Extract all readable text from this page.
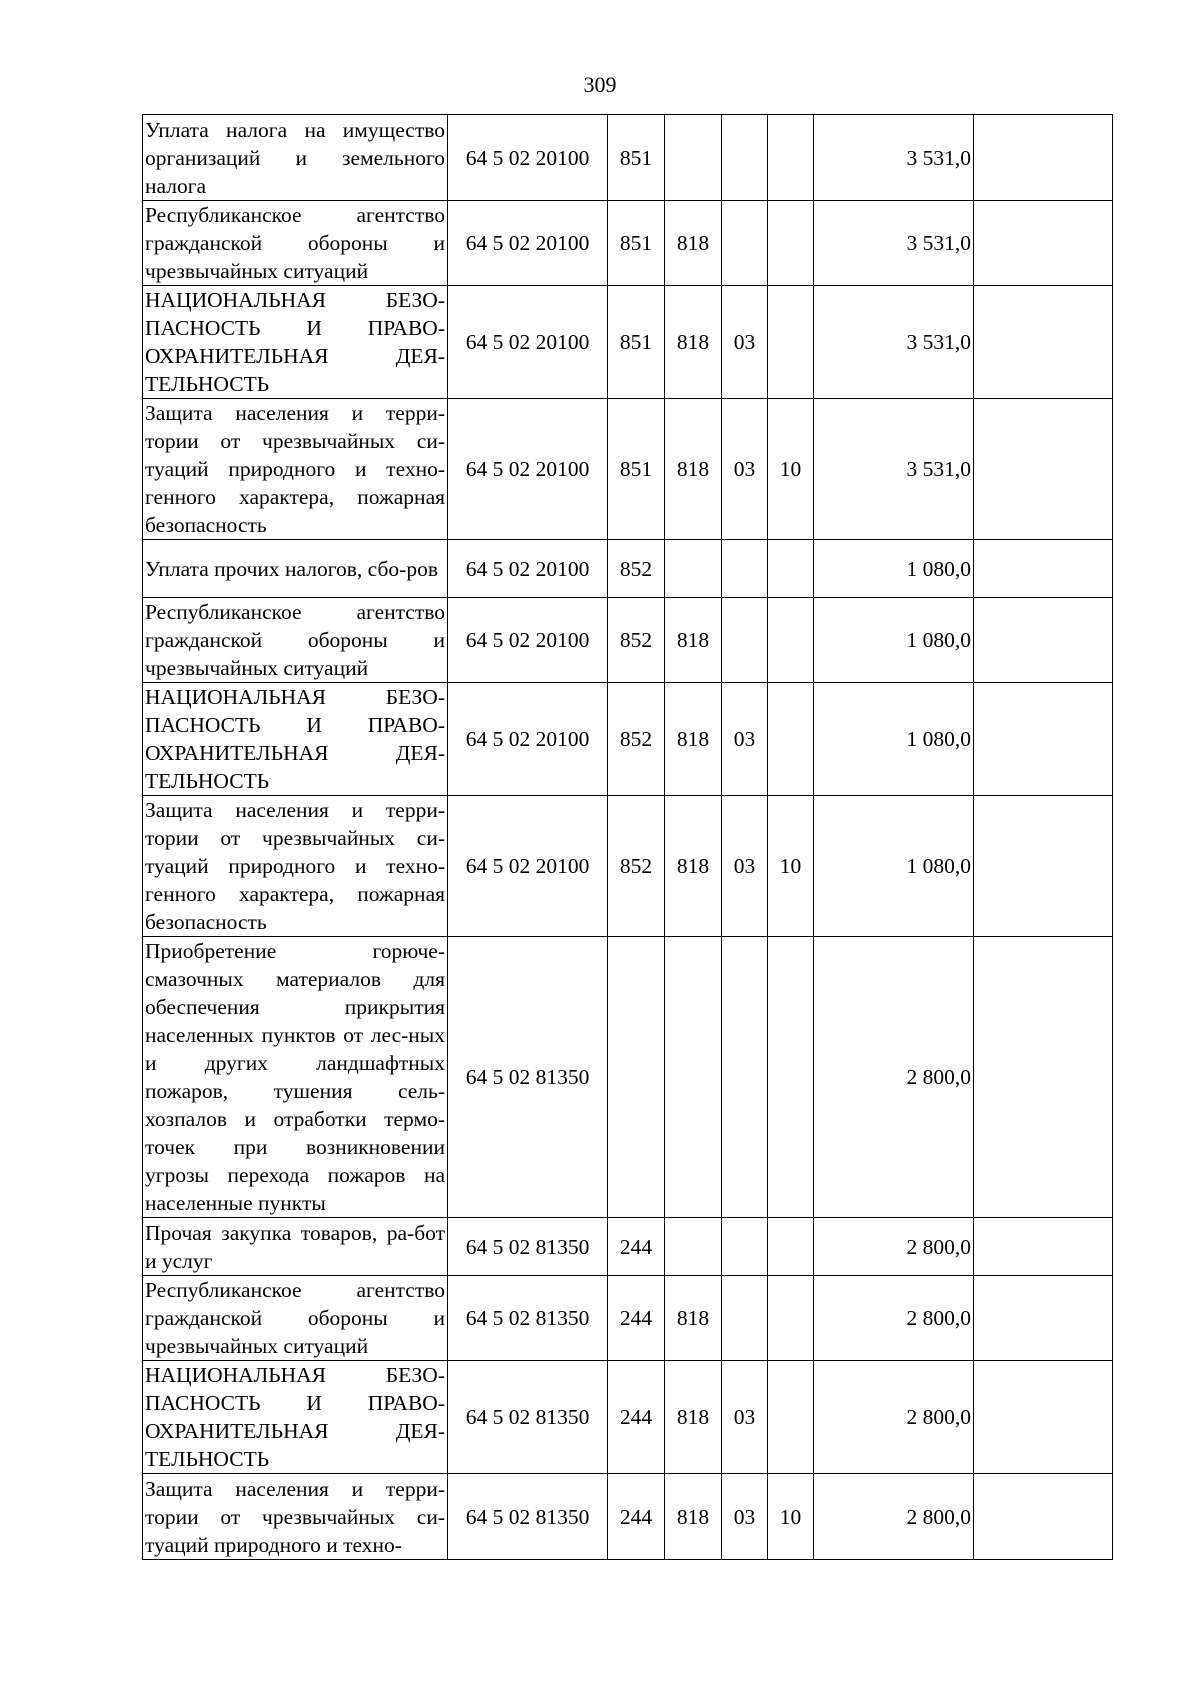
309
Уплата налога на имущество организаций и земельного налога	64 5 02 20100	851				3 531,0	
Республиканское агентство гражданской обороны и чрезвычайных ситуаций	64 5 02 20100	851	818			3 531,0	
НАЦИОНАЛЬНАЯ БЕЗО-ПАСНОСТЬ И ПРАВО-ОХРАНИТЕЛЬНАЯ ДЕЯ-ТЕЛЬНОСТЬ	64 5 02 20100	851	818	03		3 531,0	
Защита населения и терри-тории от чрезвычайных си-туаций природного и техно-генного характера, пожарная безопасность	64 5 02 20100	851	818	03	10	3 531,0	
Уплата прочих налогов, сбо-ров	64 5 02 20100	852				1 080,0	
Республиканское агентство гражданской обороны и чрезвычайных ситуаций	64 5 02 20100	852	818			1 080,0	
НАЦИОНАЛЬНАЯ БЕЗО-ПАСНОСТЬ И ПРАВО-ОХРАНИТЕЛЬНАЯ ДЕЯ-ТЕЛЬНОСТЬ	64 5 02 20100	852	818	03		1 080,0	
Защита населения и терри-тории от чрезвычайных си-туаций природного и техно-генного характера, пожарная безопасность	64 5 02 20100	852	818	03	10	1 080,0	
Приобретение горюче-смазочных материалов для обеспечения прикрытия населенных пунктов от лес-ных и других ландшафтных пожаров, тушения сель-хозпалов и отработки термо-точек при возникновении угрозы перехода пожаров на населенные пункты	64 5 02 81350					2 800,0	
Прочая закупка товаров, ра-бот и услуг	64 5 02 81350	244				2 800,0	
Республиканское агентство гражданской обороны и чрезвычайных ситуаций	64 5 02 81350	244	818			2 800,0	
НАЦИОНАЛЬНАЯ БЕЗО-ПАСНОСТЬ И ПРАВО-ОХРАНИТЕЛЬНАЯ ДЕЯ-ТЕЛЬНОСТЬ	64 5 02 81350	244	818	03		2 800,0	
Защита населения и терри-тории от чрезвычайных си-туаций природного и техно-	64 5 02 81350	244	818	03	10	2 800,0	
